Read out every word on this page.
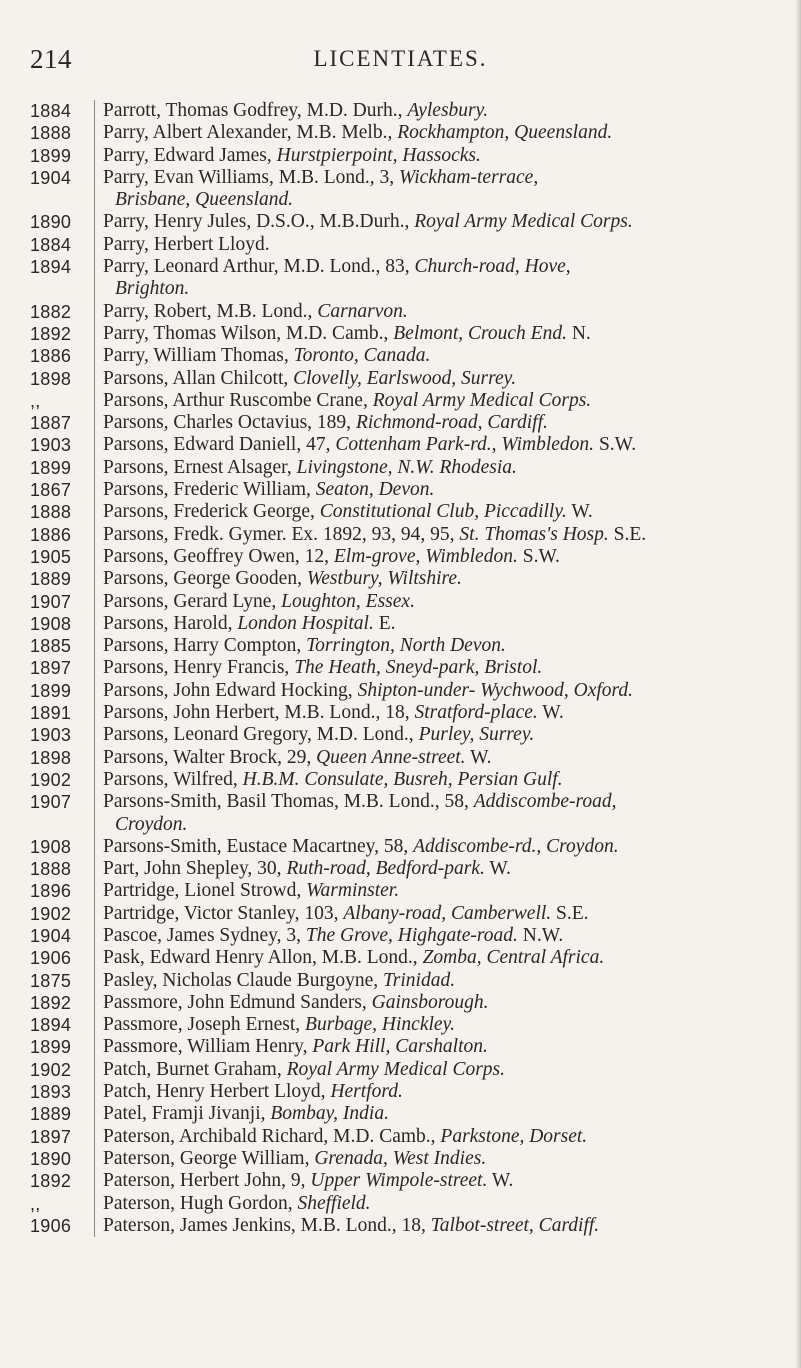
214	LICENTIATES.
1884	Parrott, Thomas Godfrey, M.D. Durh., Aylesbury.
1888	Parry, Albert Alexander, M.B. Melb., Rockhampton, Queensland.
1899	Parry, Edward James, Hurstpierpoint, Hassocks.
1904	Parry, Evan Williams, M.B. Lond., 3, Wickham-terrace,
Brisbane, Queensland.
1890	Parry, Henry Jules, D.S.O., M.B.Durh., Royal Army Medical Corps.
1884	Parry, Herbert Lloyd.
1894	Parry, Leonard Arthur, M.D. Lond., 83, Church-road, Hove,
Brighton.
1882	Parry, Robert, M.B. Lond., Carnarvon.
1892	Parry, Thomas Wilson, M.D. Camb., Belmont, Crouch End. N.
1886	Parry, William Thomas, Toronto, Canada.
1898	Parsons, Allan Chilcott, Clovelly, Earlswood, Surrey.
,,	Parsons, Arthur Ruscombe Crane, Royal Army Medical Corps.
1887	Parsons, Charles Octavius, 189, Richmond-road, Cardiff.
1903	Parsons, Edward Daniell, 47, Cottenham Park-rd., Wimbledon. S.W.
1899	Parsons, Ernest Alsager, Livingstone, N.W. Rhodesia.
1867	Parsons, Frederic William, Seaton, Devon.
1888	Parsons, Frederick George, Constitutional Club, Piccadilly. W.
1886	Parsons, Fredk. Gymer. Ex. 1892, 93, 94, 95, St. Thomas's Hosp. S.E.
1905	Parsons, Geoffrey Owen, 12, Elm-grove, Wimbledon. S.W.
1889	Parsons, George Gooden, Westbury, Wiltshire.
1907	Parsons, Gerard Lyne, Loughton, Essex.
1908	Parsons, Harold, London Hospital. E.
1885	Parsons, Harry Compton, Torrington, North Devon.
1897	Parsons, Henry Francis, The Heath, Sneyd-park, Bristol.
1899	Parsons, John Edward Hocking, Shipton-under- Wychwood, Oxford.
1891	Parsons, John Herbert, M.B. Lond., 18, Stratford-place. W.
1903	Parsons, Leonard Gregory, M.D. Lond., Purley, Surrey.
1898	Parsons, Walter Brock, 29, Queen Anne-street. W.
1902	Parsons, Wilfred, H.B.M. Consulate, Busreh, Persian Gulf.
1907	Parsons-Smith, Basil Thomas, M.B. Lond., 58, Addiscombe-road,
Croydon.
1908	Parsons-Smith, Eustace Macartney, 58, Addiscombe-rd., Croydon.
1888	Part, John Shepley, 30, Ruth-road, Bedford-park. W.
1896	Partridge, Lionel Strowd, Warminster.
1902	Partridge, Victor Stanley, 103, Albany-road, Camberwell. S.E.
1904	Pascoe, James Sydney, 3, The Grove, Highgate-road. N.W.
1906	Pask, Edward Henry Allon, M.B. Lond., Zomba, Central Africa.
1875	Pasley, Nicholas Claude Burgoyne, Trinidad.
1892	Passmore, John Edmund Sanders, Gainsborough.
1894	Passmore, Joseph Ernest, Burbage, Hinckley.
1899	Passmore, William Henry, Park Hill, Carshalton.
1902	Patch, Burnet Graham, Royal Army Medical Corps.
1893	Patch, Henry Herbert Lloyd, Hertford.
1889	Patel, Framji Jivanji, Bombay, India.
1897	Paterson, Archibald Richard, M.D. Camb., Parkstone, Dorset.
1890	Paterson, George William, Grenada, West Indies.
1892	Paterson, Herbert John, 9, Upper Wimpole-street. W.
,,	Paterson, Hugh Gordon, Sheffield.
1906	Paterson, James Jenkins, M.B. Lond., 18, Talbot-street, Cardiff.
